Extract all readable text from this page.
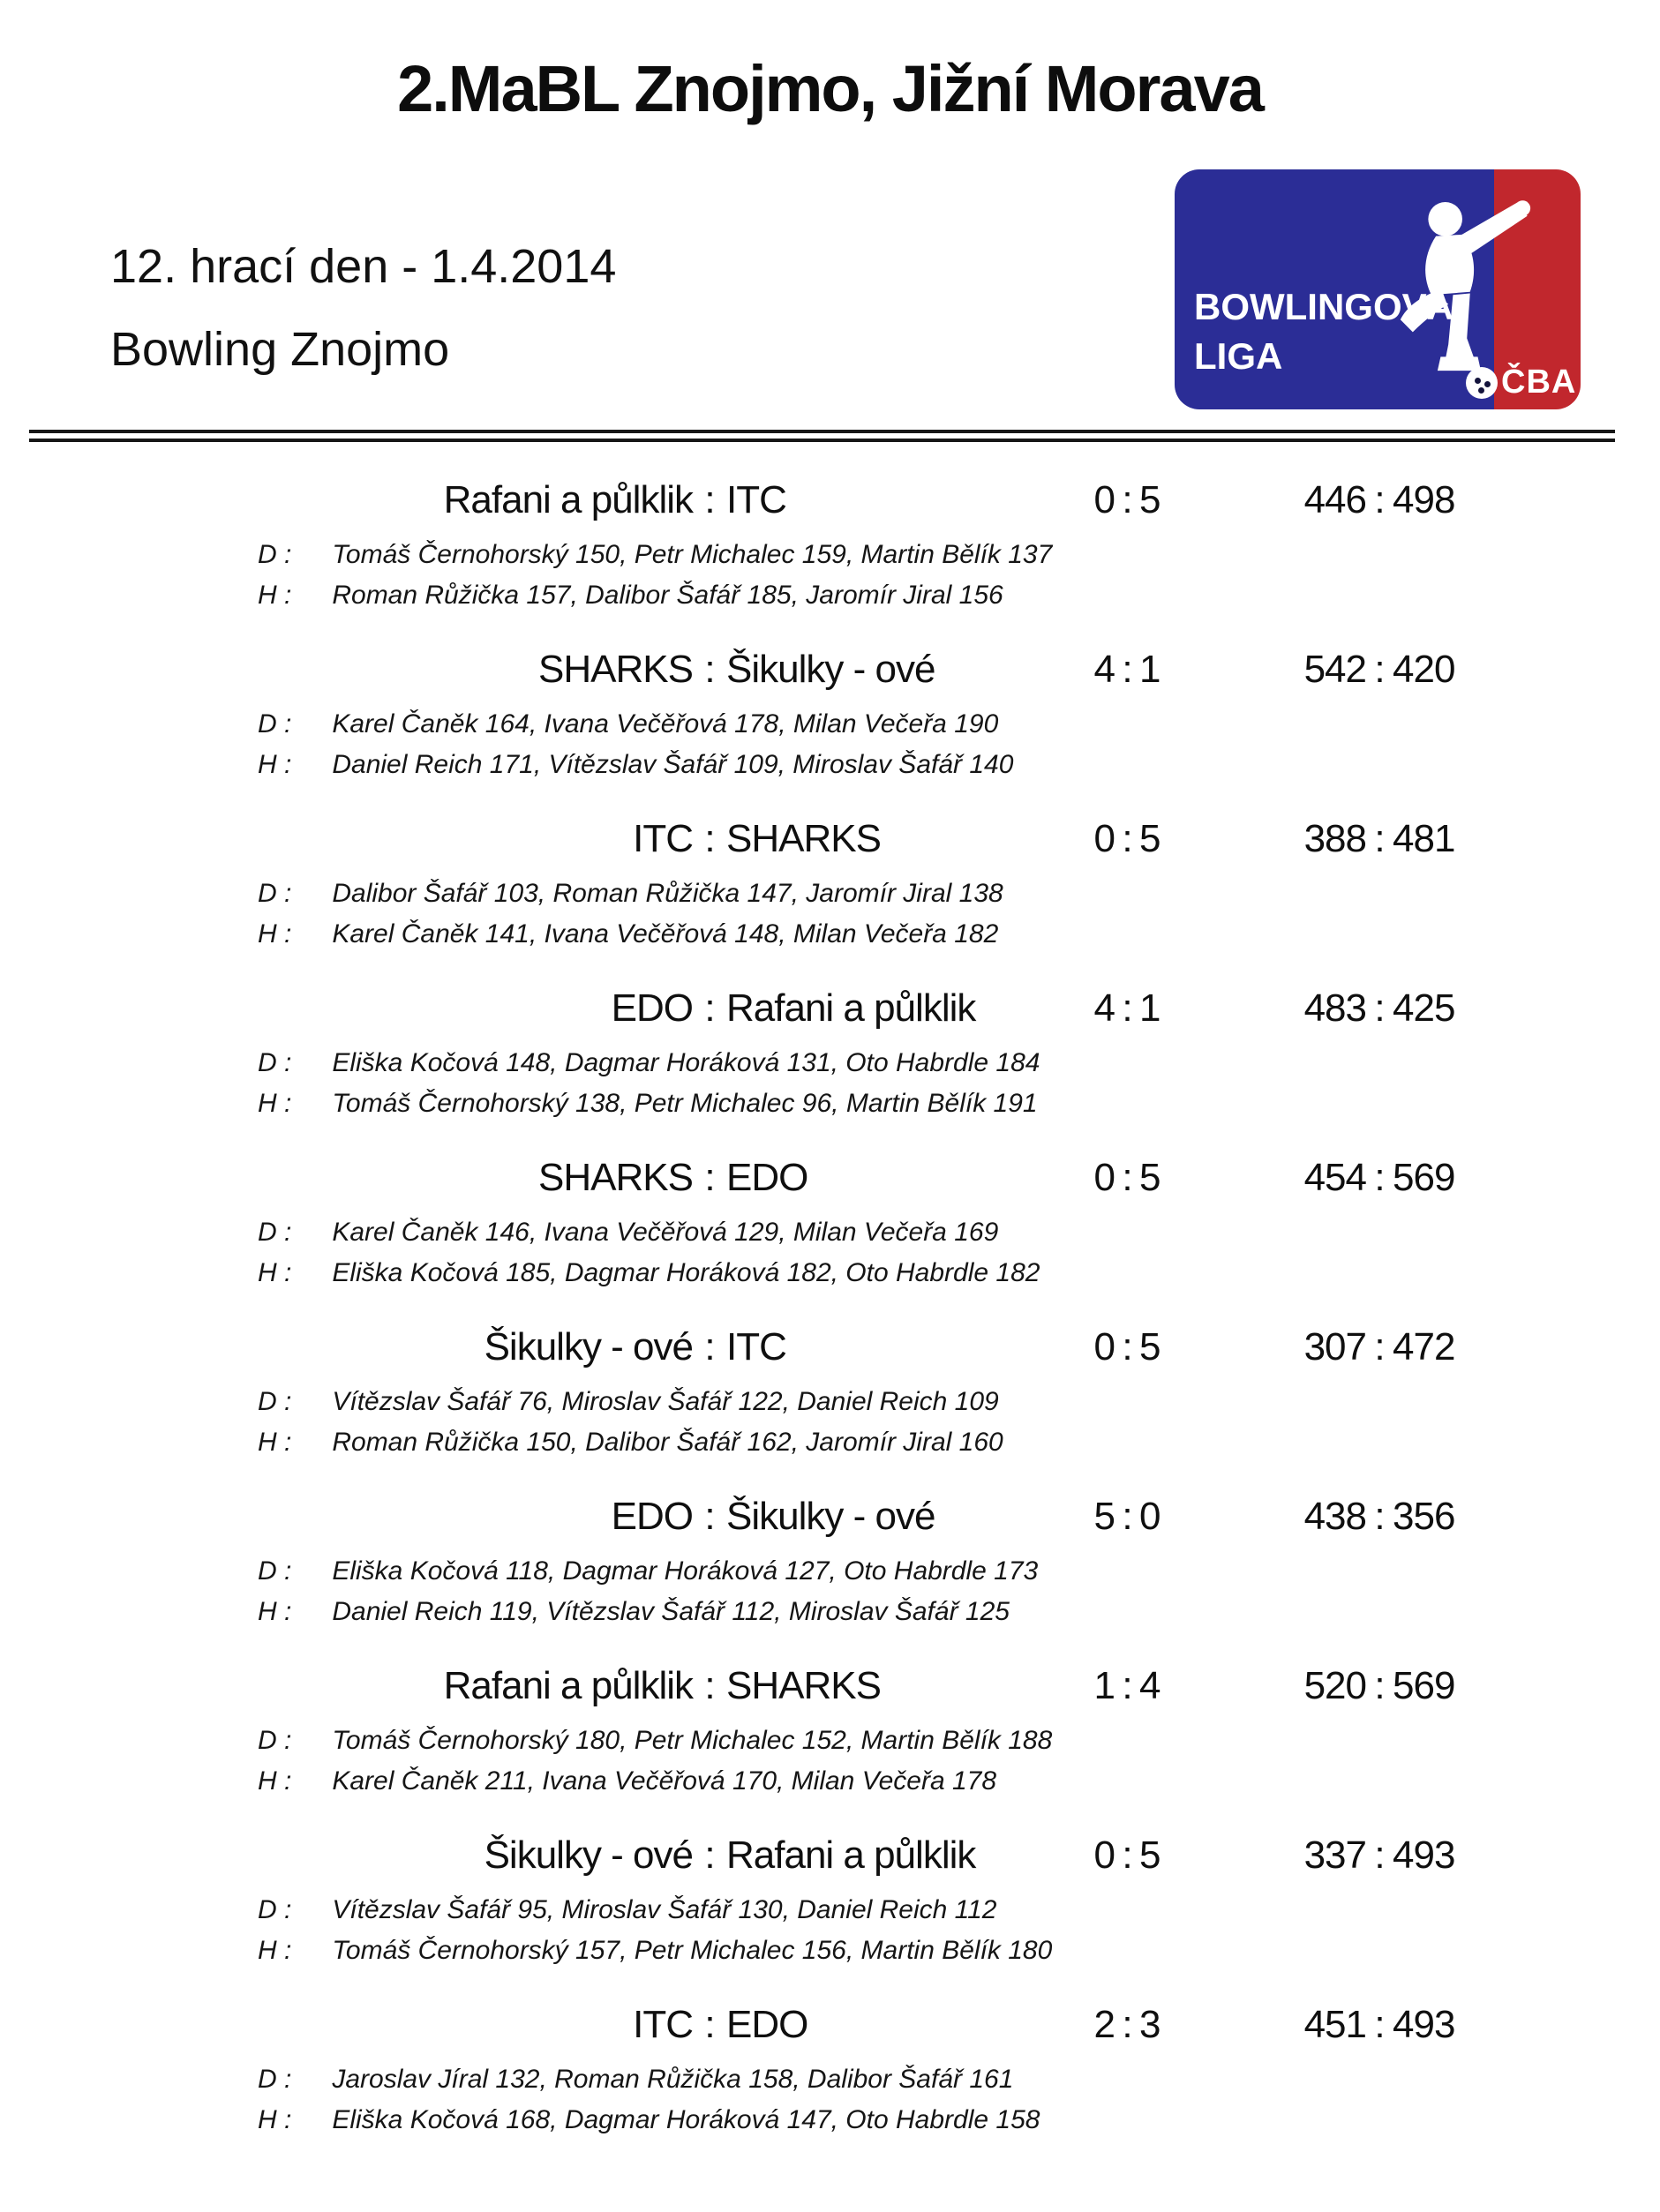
2.MaBL Znojmo, Jižní Morava
12. hrací den - 1.4.2014
Bowling Znojmo
BOWLINGOVÁ
LIGA
ČBA
Rafani a půlklik : ITC	0 : 5	446 : 498
D : Tomáš Černohorský 150, Petr Michalec 159, Martin Bělík 137
H : Roman Růžička 157, Dalibor Šafář 185, Jaromír Jiral 156
SHARKS : Šikulky - ové	4 : 1	542 : 420
D : Karel Čaněk 164, Ivana Večěřová 178, Milan Večeřa 190
H : Daniel Reich 171, Vítězslav Šafář 109, Miroslav Šafář 140
ITC : SHARKS	0 : 5	388 : 481
D : Dalibor Šafář 103, Roman Růžička 147, Jaromír Jiral 138
H : Karel Čaněk 141, Ivana Večěřová 148, Milan Večeřa 182
EDO : Rafani a půlklik	4 : 1	483 : 425
D : Eliška Kočová 148, Dagmar Horáková 131, Oto Habrdle 184
H : Tomáš Černohorský 138, Petr Michalec 96, Martin Bělík 191
SHARKS : EDO	0 : 5	454 : 569
D : Karel Čaněk 146, Ivana Večěřová 129, Milan Večeřa 169
H : Eliška Kočová 185, Dagmar Horáková 182, Oto Habrdle 182
Šikulky - ové : ITC	0 : 5	307 : 472
D : Vítězslav Šafář 76, Miroslav Šafář 122, Daniel Reich 109
H : Roman Růžička 150, Dalibor Šafář 162, Jaromír Jiral 160
EDO : Šikulky - ové	5 : 0	438 : 356
D : Eliška Kočová 118, Dagmar Horáková 127, Oto Habrdle 173
H : Daniel Reich 119, Vítězslav Šafář 112, Miroslav Šafář 125
Rafani a půlklik : SHARKS	1 : 4	520 : 569
D : Tomáš Černohorský 180, Petr Michalec 152, Martin Bělík 188
H : Karel Čaněk 211, Ivana Večěřová 170, Milan Večeřa 178
Šikulky - ové : Rafani a půlklik	0 : 5	337 : 493
D : Vítězslav Šafář 95, Miroslav Šafář 130, Daniel Reich 112
H : Tomáš Černohorský 157, Petr Michalec 156, Martin Bělík 180
ITC : EDO	2 : 3	451 : 493
D : Jaroslav Jíral 132, Roman Růžička 158, Dalibor Šafář 161
H : Eliška Kočová 168, Dagmar Horáková 147, Oto Habrdle 158
